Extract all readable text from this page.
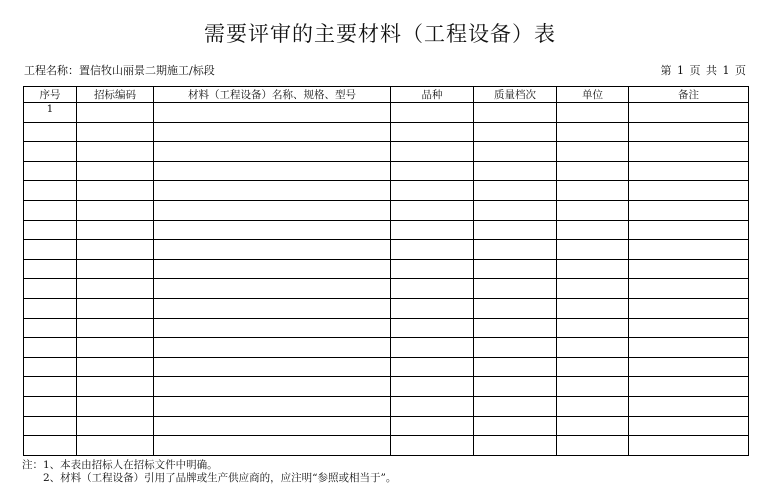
需要评审的主要材料（工程设备）表
工程名称：置信牧山丽景二期施工/标段	第 1 页 共 1 页
序号	招标编码	材料（工程设备）名称、规格、型号	品种	质量档次	单位	备注
1						

注：1、本表由招标人在招标文件中明确。
2、材料（工程设备）引用了品牌或生产供应商的，应注明“参照或相当于”。
